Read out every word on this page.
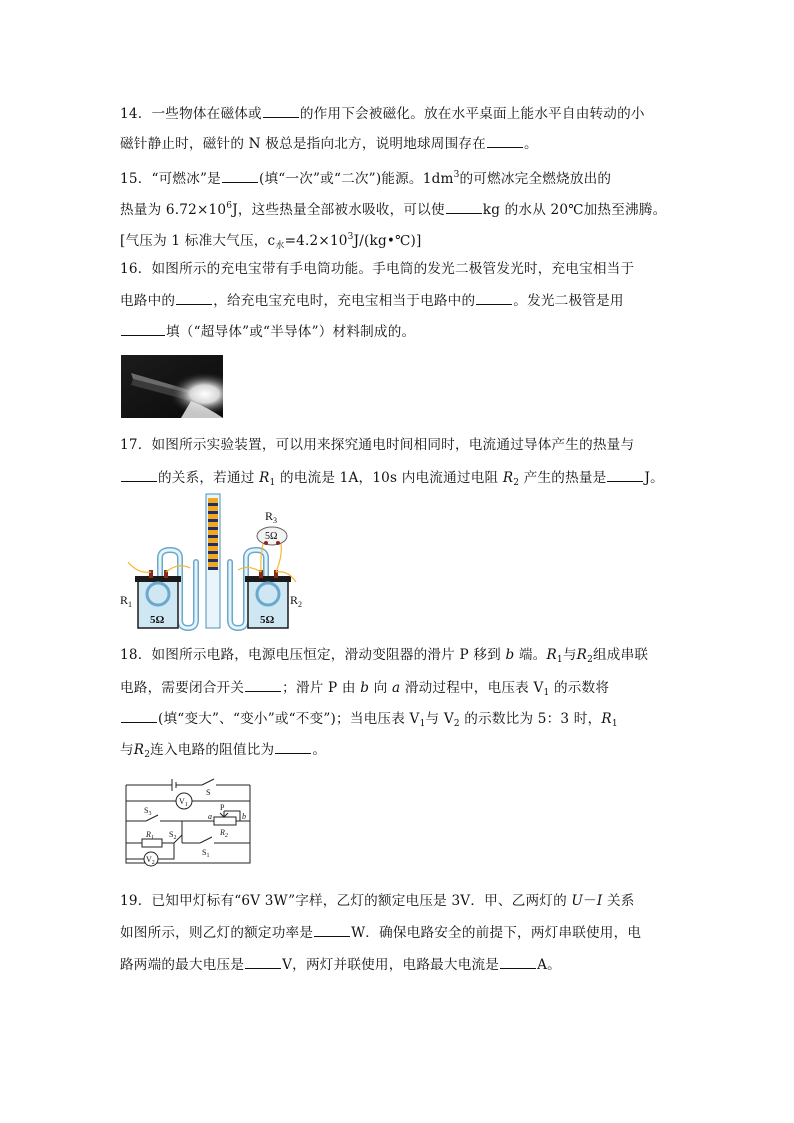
14．一些物体在磁体或	的作用下会被磁化。放在水平桌面上能水平自由转动的小
磁针静止时，磁针的 N 极总是指向北方，说明地球周围存在	。
15．“可燃冰”是	(填“一次”或“二次”)能源。$1dm^3$的可燃冰完全燃烧放出的
热量为 $6.72\times 10^6J$，这些热量全部被水吸收，可以使	kg 的水从 20℃加热至沸腾。
[气压为 1 标准大气压，$c_水=4.2\times 10^3J/(kg•℃)$]
16．如图所示的充电宝带有手电筒功能。手电筒的发光二极管发光时，充电宝相当于
电路中的	，给充电宝充电时，充电宝相当于电路中的	。发光二极管是用
填（“超导体”或“半导体”）材料制成的。
17．如图所示实验装置，可以用来探究通电时间相同时，电流通过导体产生的热量与
的关系，若通过 $R_1$ 的电流是 1A，10s 内电流通过电阻 $R_2$ 产生的热量是	J。
$R_3$
5Ω
$R_1$	$R_2$
5Ω	5Ω
18．如图所示电路，电源电压恒定，滑动变阻器的滑片 P 移到 b 端。$R_1$与$R_2$组成串联
电路，需要闭合开关	；滑片 P 由 b 向 a 滑动过程中，电压表 $V_1$ 的示数将
(填“变大”、“变小”或“不变”)；当电压表 $V_1$与 $V_2$ 的示数比为 5：3 时，$R_1$
与$R_2$连入电路的阻值比为	。
$V_1$
$V_2$
S
$S_3$
$S_2$
$S_1$
$R_1$
$R_2$
P
a	b
19．已知甲灯标有“6V 3W”字样，乙灯的额定电压是 3V．甲、乙两灯的 U－I 关系
如图所示，则乙灯的额定功率是	W．确保电路安全的前提下，两灯串联使用，电
路两端的最大电压是	V，两灯并联使用，电路最大电流是	A。
